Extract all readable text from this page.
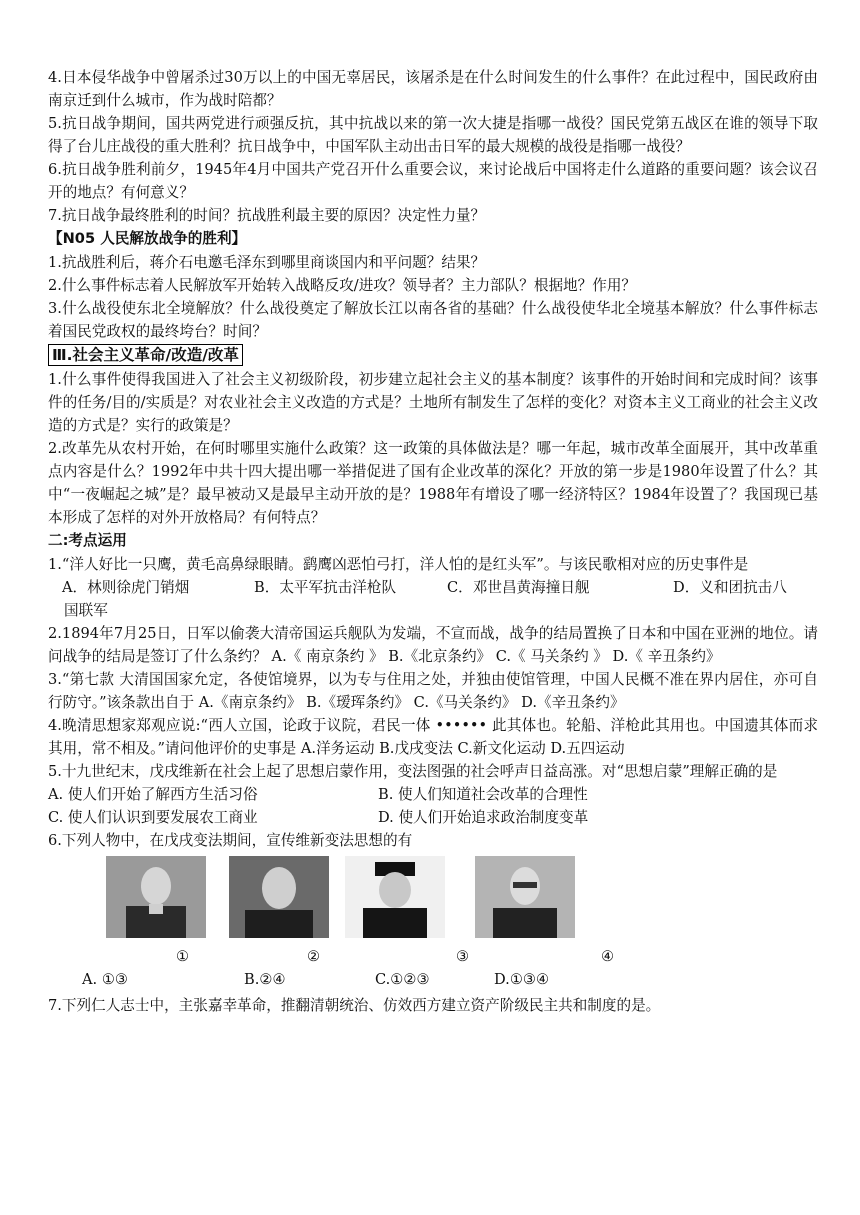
4.日本侵华战争中曾屠杀过30万以上的中国无辜居民，该屠杀是在什么时间发生的什么事件？在此过程中，国民政府由南京迁到什么城市，作为战时陪都？

5.抗日战争期间，国共两党进行顽强反抗，其中抗战以来的第一次大捷是指哪一战役？国民党第五战区在谁的领导下取得了台儿庄战役的重大胜利？抗日战争中，中国军队主动出击日军的最大规模的战役是指哪一战役？

6.抗日战争胜利前夕，1945年4月中国共产党召开什么重要会议，来讨论战后中国将走什么道路的重要问题？该会议召开的地点？有何意义？

7.抗日战争最终胜利的时间？抗战胜利最主要的原因？决定性力量？

【N05 人民解放战争的胜利】

1.抗战胜利后，蒋介石电邀毛泽东到哪里商谈国内和平问题？结果？

2.什么事件标志着人民解放军开始转入战略反攻/进攻？领导者？主力部队？根据地？作用？

3.什么战役使东北全境解放？什么战役奠定了解放长江以南各省的基础？什么战役使华北全境基本解放？什么事件标志着国民党政权的最终垮台？时间？

Ⅲ.社会主义革命/改造/改革

1.什么事件使得我国进入了社会主义初级阶段，初步建立起社会主义的基本制度？该事件的开始时间和完成时间？该事件的任务/目的/实质是？对农业社会主义改造的方式是？土地所有制发生了怎样的变化？对资本主义工商业的社会主义改造的方式是？实行的政策是？

2.改革先从农村开始，在何时哪里实施什么政策？这一政策的具体做法是？哪一年起，城市改革全面展开，其中改革重点内容是什么？1992年中共十四大提出哪一举措促进了国有企业改革的深化？开放的第一步是1980年设置了什么？其中“一夜崛起之城”是？最早被动又是最早主动开放的是？1988年有增设了哪一经济特区？1984年设置了？我国现已基本形成了怎样的对外开放格局？有何特点？

二:考点运用

1.“洋人好比一只鹰，黄毛高鼻绿眼睛。鹞鹰凶恶怕弓打，洋人怕的是红头军”。与该民歌相对应的历史事件是

A．林则徐虎门销烟	B．太平军抗击洋枪队	C．邓世昌黄海撞日舰	D．义和团抗击八

国联军

2.1894年7月25日，日军以偷袭大清帝国运兵舰队为发端，不宣而战，战争的结局置换了日本和中国在亚洲的地位。请问战争的结局是签订了什么条约？ A.《 南京条约 》 B.《北京条约》 C.《 马关条约 》 D.《 辛丑条约》

3.“第七款 大清国国家允定，各使馆境界，以为专与住用之处，并独由使馆管理，中国人民概不准在界内居住，亦可自行防守。”该条款出自于 A.《南京条约》 B.《瑷珲条约》 C.《马关条约》 D.《辛丑条约》

4.晚清思想家郑观应说:“西人立国，论政于议院，君民一体 •••••• 此其体也。轮船、洋枪此其用也。中国遗其体而求其用，常不相及。”请问他评价的史事是 A.洋务运动 B.戊戌变法 C.新文化运动 D.五四运动

5.十九世纪末，戊戌维新在社会上起了思想启蒙作用，变法图强的社会呼声日益高涨。对“思想启蒙”理解正确的是

A. 使人们开始了解西方生活习俗	B. 使人们知道社会改革的合理性
C. 使人们认识到要发展农工商业	D. 使人们开始追求政治制度变革

6.下列人物中，在戊戌变法期间，宣传维新变法思想的有

①	②	③	④
A. ①③	B.②④	C.①②③	D.①③④

7.下列仁人志士中，主张嘉幸革命，推翻清朝统治、仿效西方建立资产阶级民主共和制度的是。
